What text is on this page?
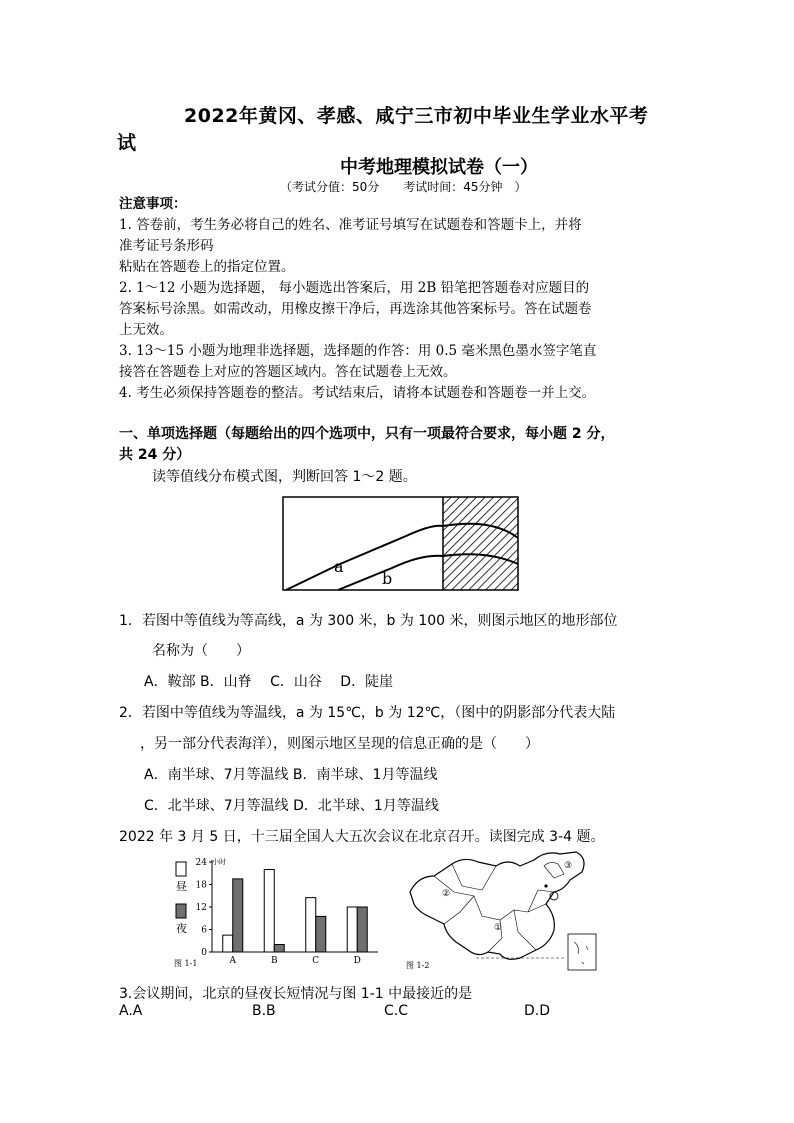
2022年黄冈、孝感、咸宁三市初中毕业生学业水平考
试
中考地理模拟试卷（一）
（考试分值：50分　　考试时间：45分钟　）
注意事项：
1. 答卷前，考生务必将自己的姓名、准考证号填写在试题卷和答题卡上，并将
准考证号条形码
粘贴在答题卷上的指定位置。
2. 1～12 小题为选择题， 每小题选出答案后，用 2B 铅笔把答题卷对应题目的
答案标号涂黑。如需改动，用橡皮擦干净后，再选涂其他答案标号。答在试题卷
上无效。
3. 13～15 小题为地理非选择题，选择题的作答：用 0.5 毫米黑色墨水签字笔直
接答在答题卷上对应的答题区域内。答在试题卷上无效。
4. 考生必须保持答题卷的整洁。考试结束后，请将本试题卷和答题卷一并上交。
一、单项选择题（每题给出的四个选项中，只有一项最符合要求，每小题 2 分，
共 24 分）
读等值线分布模式图，判断回答 1～2 题。
a
b
1．若图中等值线为等高线，a 为 300 米，b 为 100 米，则图示地区的地形部位
名称为（　　）
A．鞍部 B．山脊　 C．山谷　 D．陡崖
2．若图中等值线为等温线，a 为 15℃，b 为 12℃，（图中的阴影部分代表大陆
，另一部分代表海洋），则图示地区呈现的信息正确的是（　　）
A．南半球、7月等温线 B．南半球、1月等温线
C．北半球、7月等温线 D．北半球、1月等温线
2022 年 3 月 5 日，十三届全国人大五次会议在北京召开。读图完成 3-4 题。
0
6
12
18
24
A	B	C	D
昼
夜
小时
图 1-1	图 1-2
②
③
①
3.会议期间，北京的昼夜长短情况与图 1-1 中最接近的是
A.A	B.B	C.C	D.D
